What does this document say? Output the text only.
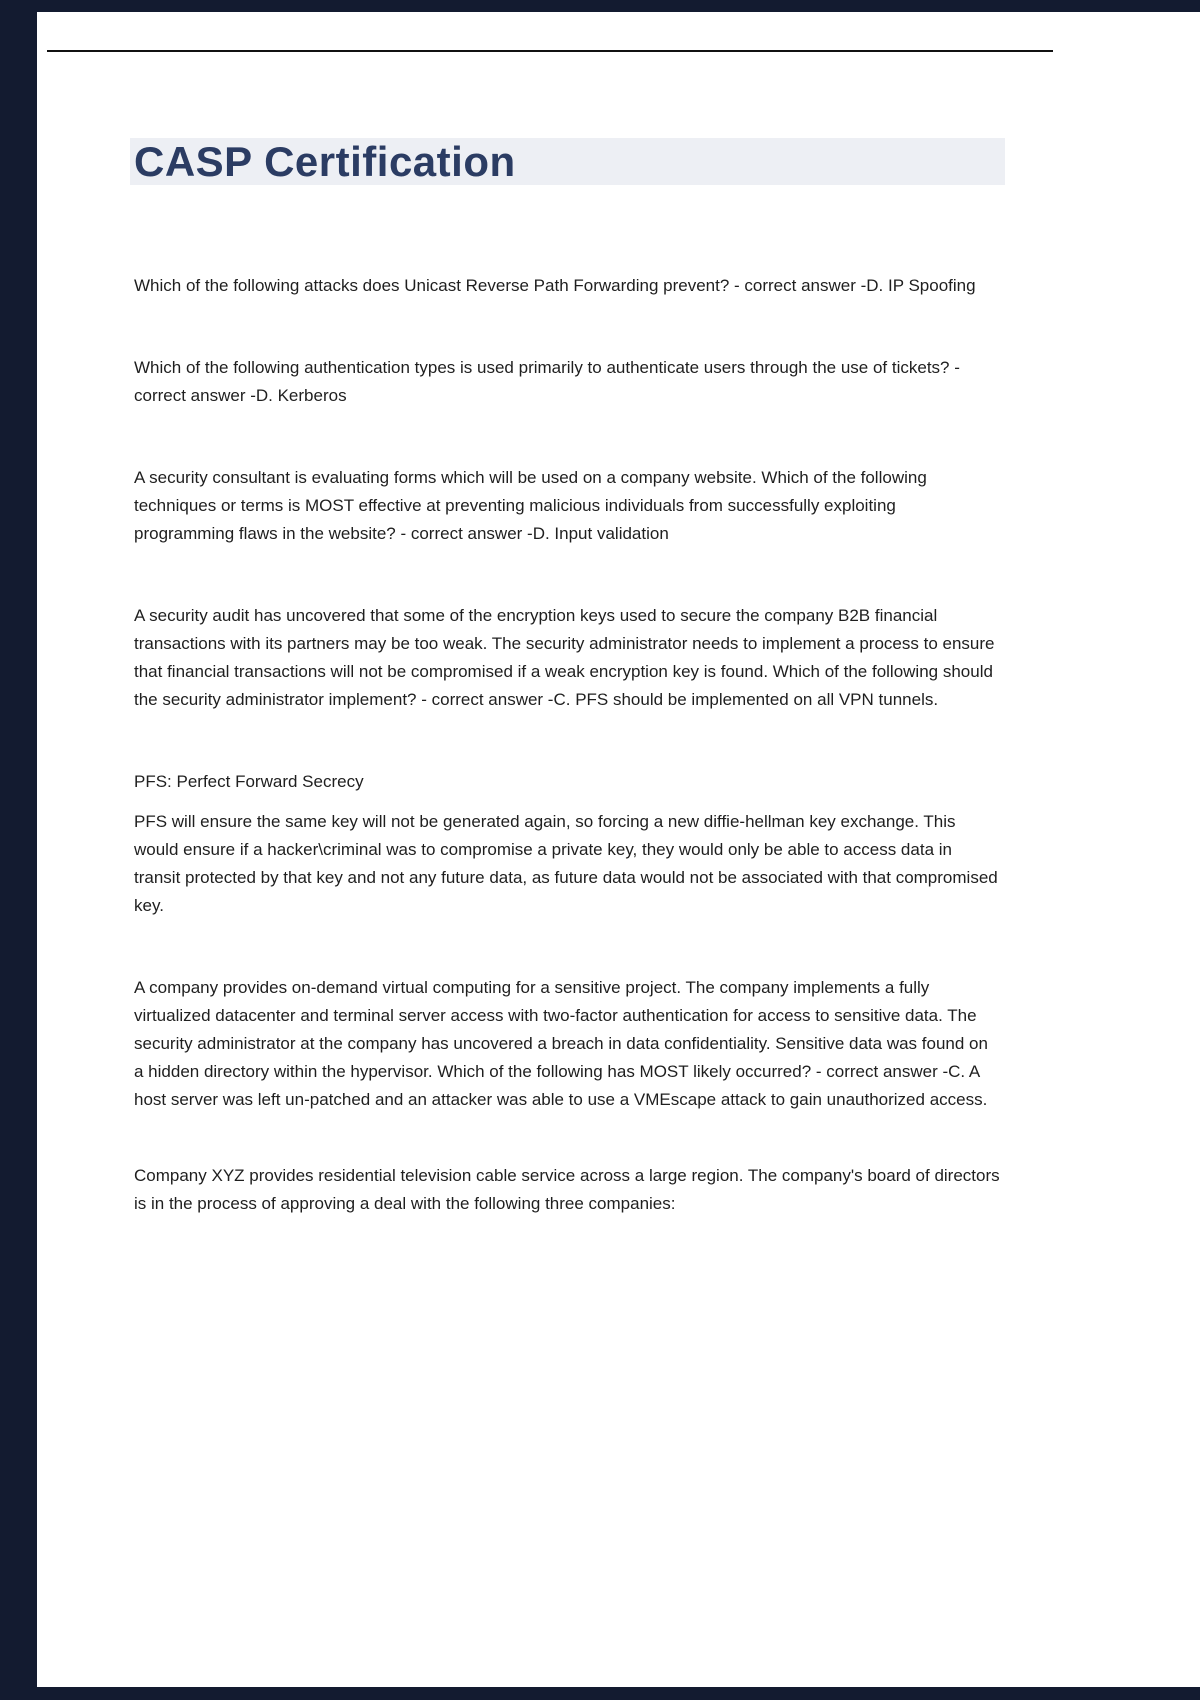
CASP Certification

Which of the following attacks does Unicast Reverse Path Forwarding prevent? - correct answer -D. IP Spoofing

Which of the following authentication types is used primarily to authenticate users through the use of tickets? - correct answer -D. Kerberos

A security consultant is evaluating forms which will be used on a company website. Which of the following techniques or terms is MOST effective at preventing malicious individuals from successfully exploiting programming flaws in the website? - correct answer -D. Input validation

A security audit has uncovered that some of the encryption keys used to secure the company B2B financial transactions with its partners may be too weak. The security administrator needs to implement a process to ensure that financial transactions will not be compromised if a weak encryption key is found. Which of the following should the security administrator implement? - correct answer -C. PFS should be implemented on all VPN tunnels.

PFS: Perfect Forward Secrecy

PFS will ensure the same key will not be generated again, so forcing a new diffie-hellman key exchange. This would ensure if a hacker\criminal was to compromise a private key, they would only be able to access data in transit protected by that key and not any future data, as future data would not be associated with that compromised key.

A company provides on-demand virtual computing for a sensitive project. The company implements a fully virtualized datacenter and terminal server access with two-factor authentication for access to sensitive data. The security administrator at the company has uncovered a breach in data confidentiality. Sensitive data was found on a hidden directory within the hypervisor. Which of the following has MOST likely occurred? - correct answer -C. A host server was left un-patched and an attacker was able to use a VMEscape attack to gain unauthorized access.

Company XYZ provides residential television cable service across a large region. The company's board of directors is in the process of approving a deal with the following three companies:
